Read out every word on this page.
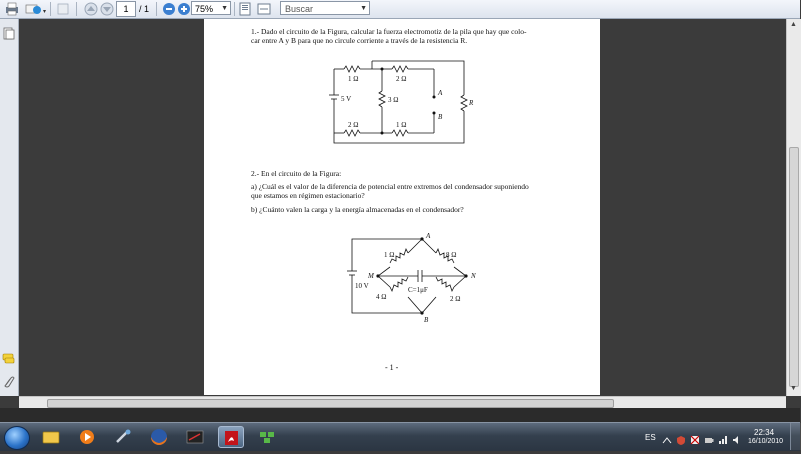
▾	1	/ 1	75% ▼	Buscar	▼
1.- Dado el circuito de la Figura, calcular la fuerza electromotiz de la pila que hay que colo-
car entre A y B para que no circule corriente a través de la resistencia R.
1 Ω	2 Ω
3 Ω
2 Ω	1 Ω
5 V
A
B
R
2.- En el circuito de la Figura:
a) ¿Cuál es el valor de la diferencia de potencial entre extremos del condensador suponiendo
que estamos en régimen estacionario?
b) ¿Cuánto valen la carga y la energía almacenadas en el condensador?
A
B
M	N
1 Ω	8 Ω
4 Ω	2 Ω
C=1μF
10 V
- 1 -
▲
▼
ES
22:34
16/10/2010
